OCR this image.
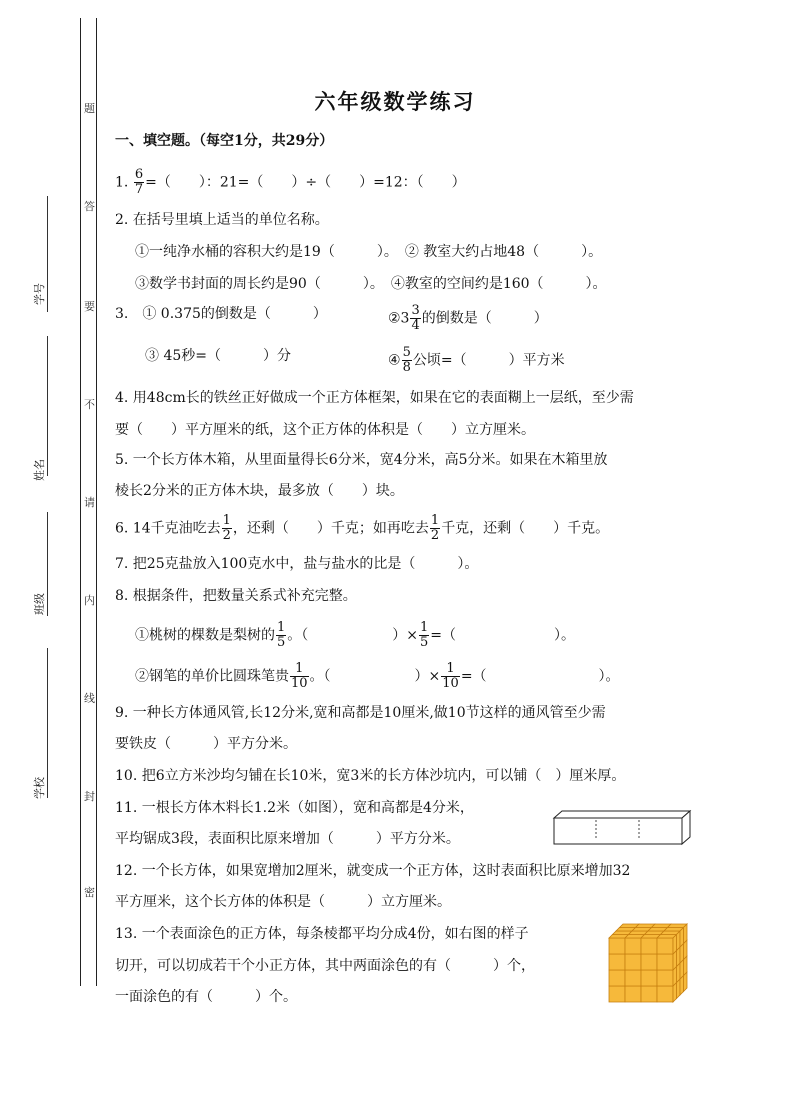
题
答
要
不
请
内
线
封
密
学号
姓名
班级
学校
六年级数学练习
一、填空题。（每空1分，共29分）
1. $\frac{6}{7}$ =（　　）：21=（　　）÷（　　）=12：（　　）
2. 在括号里填上适当的单位名称。
①一纯净水桶的容积大约是19（　　　）。　② 教室大约占地48（　　　）。
③数学书封面的周长约是90（　　　）。　④教室的空间约是160（　　　）。
3.　① 0.375的倒数是（　　　）	②3 $\frac{3}{4}$ 的倒数是（　　　）
③ 45秒=（　　　）分	④ $\frac{5}{8}$ 公顷=（　　　）平方米
4. 用48cm长的铁丝正好做成一个正方体框架，如果在它的表面糊上一层纸，至少需
要（　　）平方厘米的纸，这个正方体的体积是（　　）立方厘米。
5. 一个长方体木箱，从里面量得长6分米，宽4分米，高5分米。如果在木箱里放
棱长2分米的正方体木块，最多放（　　）块。
6. 14千克油吃去 $\frac{1}{2}$ ，还剩（　　）千克；如再吃去 $\frac{1}{2}$ 千克，还剩（　　）千克。
7. 把25克盐放入100克水中，盐与盐水的比是（　　　）。
8. 根据条件，把数量关系式补充完整。
①桃树的棵数是梨树的 $\frac{1}{5}$ 。（　　　　　　）× $\frac{1}{5}$ =（　　　　　　　）。
②钢笔的单价比圆珠笔贵 $\frac{1}{10}$ 。（　　　　　　）× $\frac{1}{10}$ =（　　　　　　　　）。
9. 一种长方体通风管,长12分米,宽和高都是10厘米,做10节这样的通风管至少需
要铁皮（　　　）平方分米。
10. 把6立方米沙均匀铺在长10米，宽3米的长方体沙坑内，可以铺（　）厘米厚。
11. 一根长方体木料长1.2米（如图），宽和高都是4分米，
平均锯成3段，表面积比原来增加（　　　）平方分米。
12. 一个长方体，如果宽增加2厘米，就变成一个正方体，这时表面积比原来增加32
平方厘米，这个长方体的体积是（　　　）立方厘米。
13. 一个表面涂色的正方体，每条棱都平均分成4份，如右图的样子
切开，可以切成若干个小正方体，其中两面涂色的有（　　　）个，
一面涂色的有（　　　）个。
